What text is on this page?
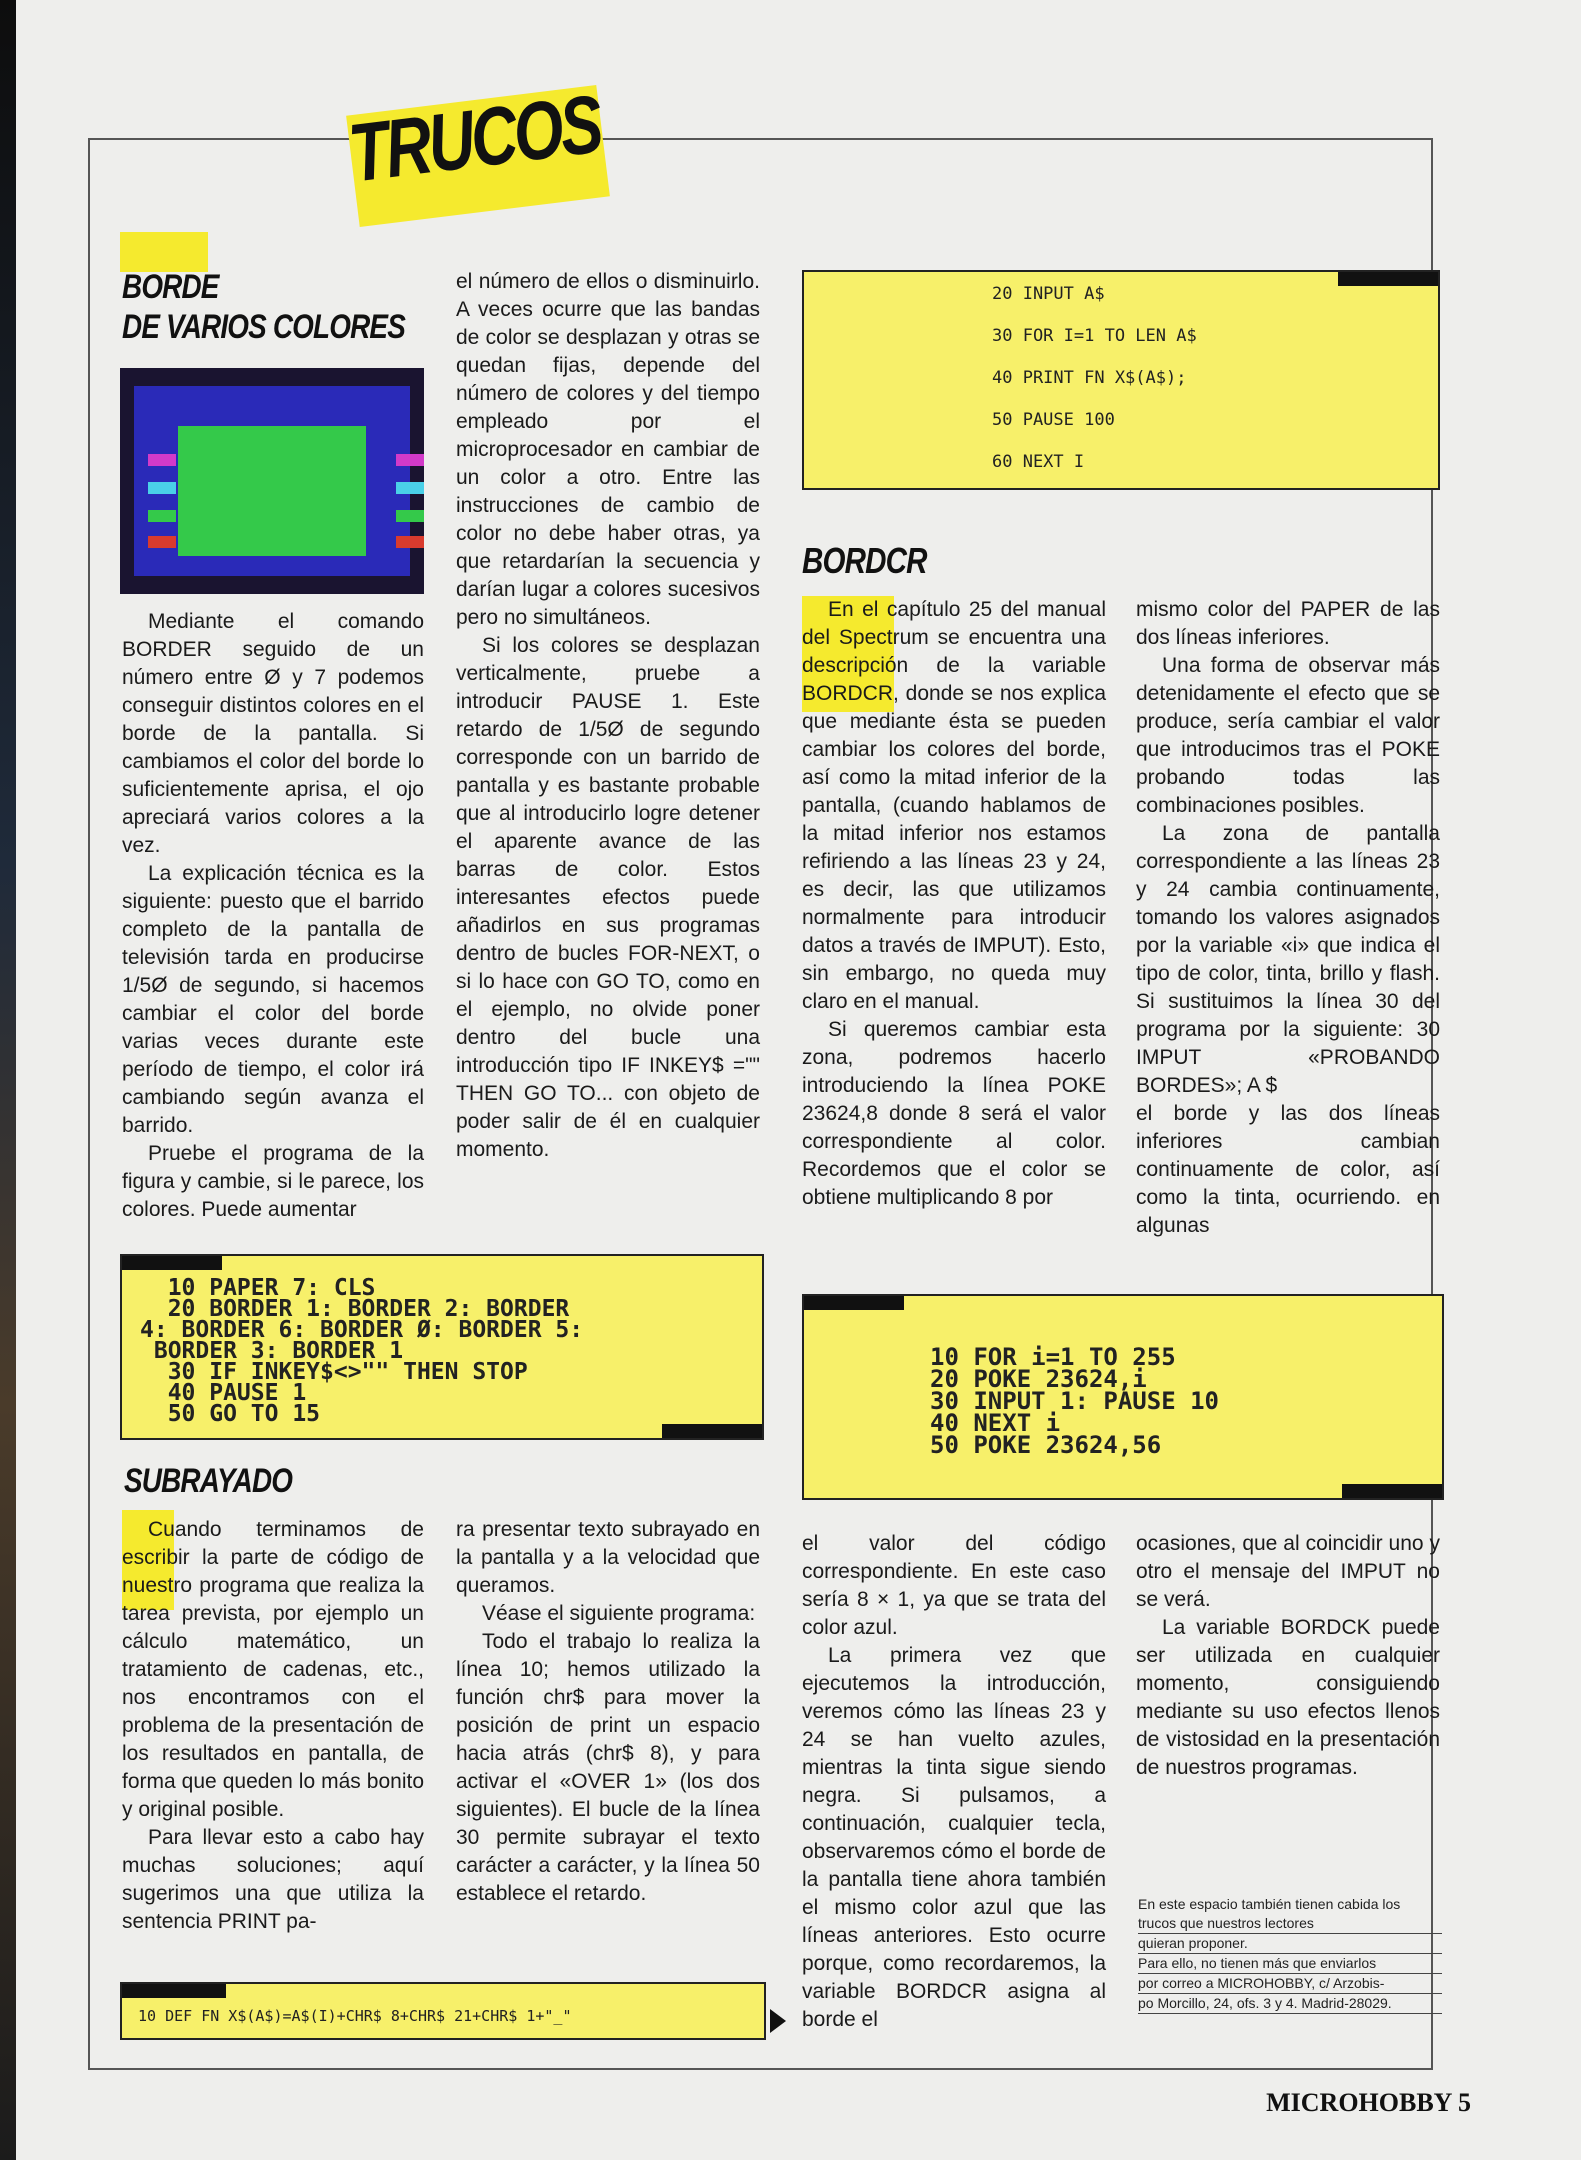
TRUCOS
BORDE
DE VARIOS COLORES

Mediante el comando BORDER seguido de un número entre Ø y 7 podemos conseguir distintos colores en el borde de la pantalla. Si cambiamos el color del borde lo suficientemente aprisa, el ojo apreciará varios colores a la vez.

La explicación técnica es la siguiente: puesto que el barrido completo de la pantalla de televisión tarda en producirse 1/5Ø de segundo, si hacemos cambiar el color del borde varias veces durante este período de tiempo, el color irá cambiando según avanza el barrido.

Pruebe el programa de la figura y cambie, si le parece, los colores. Puede aumentar

el número de ellos o disminuirlo. A veces ocurre que las bandas de color se desplazan y otras se quedan fijas, depende del número de colores y del tiempo empleado por el microprocesador en cambiar de un color a otro. Entre las instrucciones de cambio de color no debe haber otras, ya que retardarían la secuencia y darían lugar a colores sucesivos pero no simultáneos.

Si los colores se desplazan verticalmente, pruebe a introducir PAUSE 1. Este retardo de 1/5Ø de segundo corresponde con un barrido de pantalla y es bastante probable que al introducirlo logre detener el aparente avance de las barras de color. Estos interesantes efectos puede añadirlos en sus programas dentro de bucles FOR-NEXT, o si lo hace con GO TO, como en el ejemplo, no olvide poner dentro del bucle una introducción tipo IF INKEY$ ="" THEN GO TO... con objeto de poder salir de él en cualquier momento.

10 PAPER 7: CLS
20 BORDER 1: BORDER 2: BORDER
4: BORDER 6: BORDER Ø: BORDER 5:
BORDER 3: BORDER 1
30 IF INKEY$<>"" THEN STOP
40 PAUSE 1
50 GO TO 15
SUBRAYADO

Cuando terminamos de escribir la parte de código de nuestro programa que realiza la tarea prevista, por ejemplo un cálculo matemático, un tratamiento de cadenas, etc., nos encontramos con el problema de la presentación de los resultados en pantalla, de forma que queden lo más bonito y original posible.

Para llevar esto a cabo hay muchas soluciones; aquí sugerimos una que utiliza la sentencia PRINT pa-

ra presentar texto subrayado en la pantalla y a la velocidad que queramos.

Véase el siguiente programa:

Todo el trabajo lo realiza la línea 10; hemos utilizado la función chr$ para mover la posición de print un espacio hacia atrás (chr$ 8), y para activar el «OVER 1» (los dos siguientes). El bucle de la línea 30 permite subrayar el texto carácter a carácter, y la línea 50 establece el retardo.

10 DEF FN X$(A$)=A$(I)+CHR$ 8+CHR$ 21+CHR$ 1+"_"
20 INPUT A$

30 FOR I=1 TO LEN A$

40 PRINT FN X$(A$);

50 PAUSE 100

60 NEXT I
BORDCR

En el capítulo 25 del manual del Spectrum se encuentra una descripción de la variable BORDCR, donde se nos explica que mediante ésta se pueden cambiar los colores del borde, así como la mitad inferior de la pantalla, (cuando hablamos de la mitad inferior nos estamos refiriendo a las líneas 23 y 24, es decir, las que utilizamos normalmente para introducir datos a través de IMPUT). Esto, sin embargo, no queda muy claro en el manual.

Si queremos cambiar esta zona, podremos hacerlo introduciendo la línea POKE 23624,8 donde 8 será el valor correspondiente al color. Recordemos que el color se obtiene multiplicando 8 por

mismo color del PAPER de las dos líneas inferiores.

Una forma de observar más detenidamente el efecto que se produce, sería cambiar el valor que introducimos tras el POKE probando todas las combinaciones posibles.

La zona de pantalla correspondiente a las líneas 23 y 24 cambia continuamente, tomando los valores asignados por la variable «i» que indica el tipo de color, tinta, brillo y flash. Si sustituimos la línea 30 del programa por la siguiente: 30 IMPUT «PROBANDO BORDES»; A $

el borde y las dos líneas inferiores cambian continuamente de color, así como la tinta, ocurriendo. en algunas

10 FOR i=1 TO 255
20 POKE 23624,i
30 INPUT 1: PAUSE 10
40 NEXT i
50 POKE 23624,56

el valor del código correspondiente. En este caso sería 8 × 1, ya que se trata del color azul.

La primera vez que ejecutemos la introducción, veremos cómo las líneas 23 y 24 se han vuelto azules, mientras la tinta sigue siendo negra. Si pulsamos, a continuación, cualquier tecla, observaremos cómo el borde de la pantalla tiene ahora también el mismo color azul que las líneas anteriores. Esto ocurre porque, como recordaremos, la variable BORDCR asigna al borde el

ocasiones, que al coincidir uno y otro el mensaje del IMPUT no se verá.

La variable BORDCK puede ser utilizada en cualquier momento, consiguiendo mediante su uso efectos llenos de vistosidad en la presentación de nuestros programas.

En este espacio también tienen cabida los trucos que nuestros lectores
quieran proponer.
Para ello, no tienen más que enviarlos
por correo a MICROHOBBY, c/ Arzobis-
po Morcillo, 24, ofs. 3 y 4. Madrid-28029.
MICROHOBBY 5
